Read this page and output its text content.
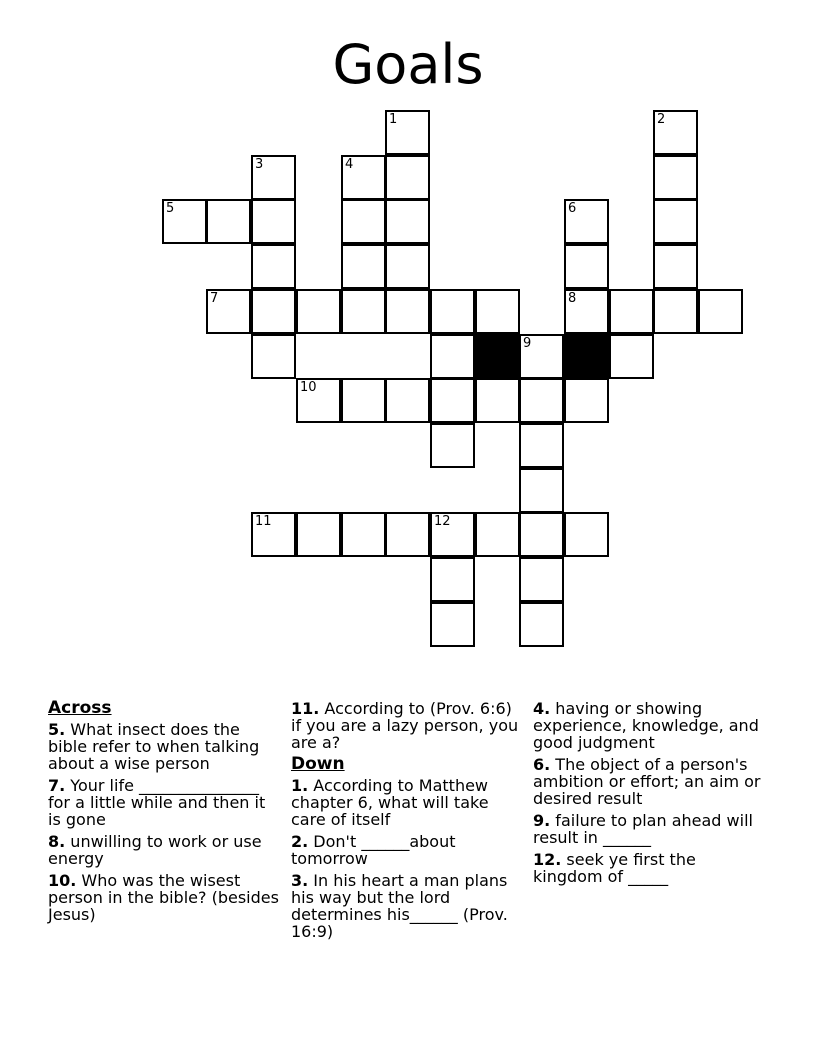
Goals
1	2
3	4
5	6
7	8
9
10
11	12
Across
5. What insect does the bible refer to when talking about a wise person
7. Your life _______________ for a little while and then it is gone
8. unwilling to work or use energy
10. Who was the wisest person in the bible? (besides Jesus)
11. According to (Prov. 6:6) if you are a lazy person, you are a?
Down
1. According to Matthew chapter 6, what will take care of itself
2. Don't ______about tomorrow
3. In his heart a man plans his way but the lord determines his______ (Prov. 16:9)
4. having or showing experience, knowledge, and good judgment
6. The object of a person's ambition or effort; an aim or desired result
9. failure to plan ahead will result in ______
12. seek ye first the kingdom of _____
